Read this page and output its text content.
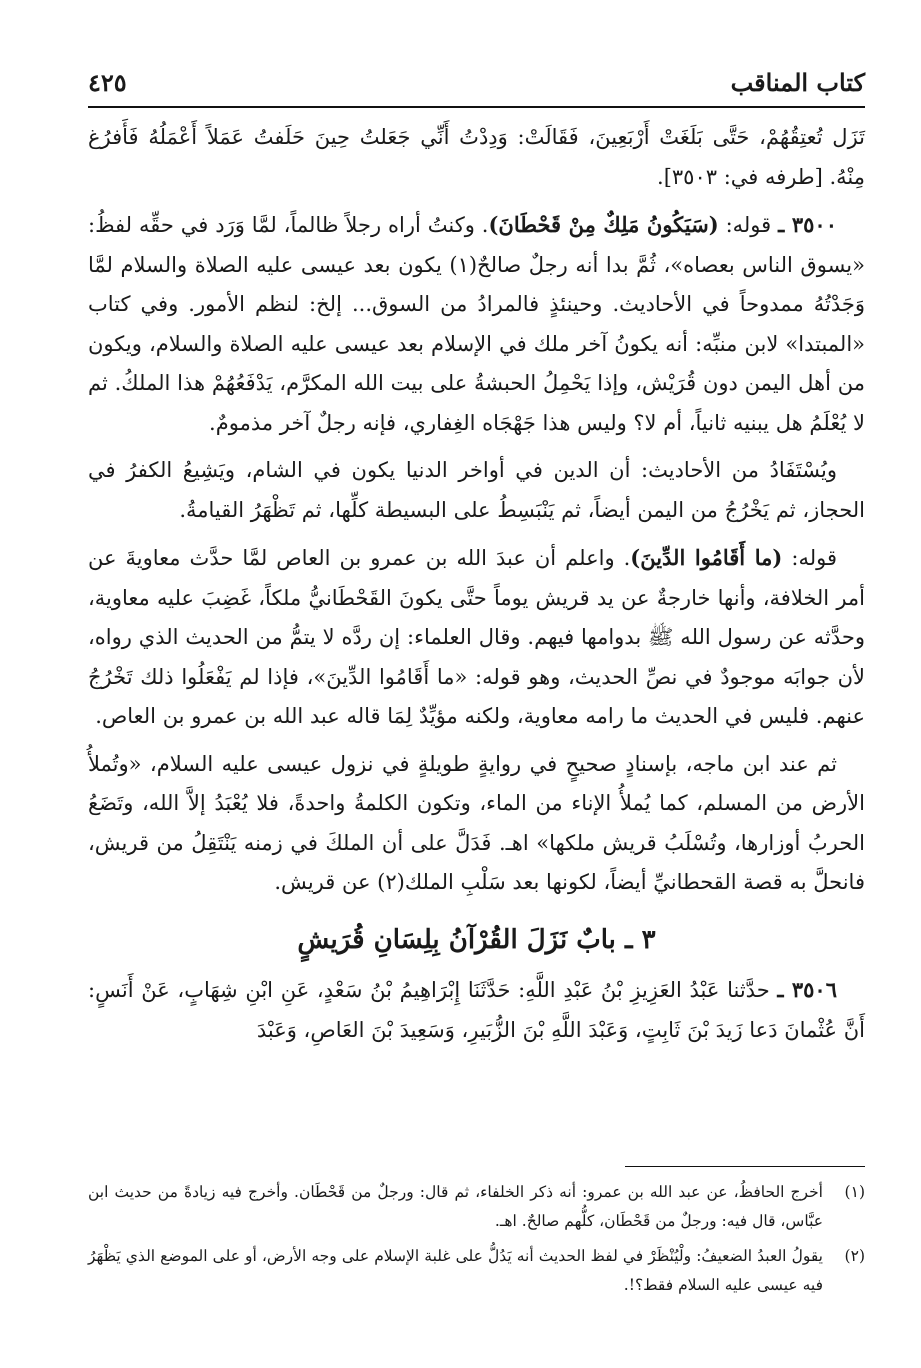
كتاب المناقب
٤٢٥

تَزَل تُعتِقُهُمْ، حَتَّى بَلَغَتْ أَرْبَعِينَ، فَقَالَتْ: وَدِدْتُ أَنِّي جَعَلتُ حِينَ حَلَفتُ عَمَلاً أَعْمَلُهُ فَأَفرُغ مِنْهُ. [طرفه في: ٣٥٠٣].

٣٥٠٠ ـ قوله: (سَيَكُونُ مَلِكٌ مِنْ قَحْطَانَ). وكنتُ أراه رجلاً ظالماً، لمَّا وَرَد في حقِّه لفظُ: «يسوق الناس بعصاه»، ثُمَّ بدا أنه رجلٌ صالحٌ(١) يكون بعد عيسى عليه الصلاة والسلام لمَّا وَجَدْتُهُ ممدوحاً في الأحاديث. وحينئذٍ فالمرادُ من السوق... إلخ: لنظم الأمور. وفي كتاب «المبتدا» لابن منبِّه: أنه يكونُ آخر ملك في الإسلام بعد عيسى عليه الصلاة والسلام، ويكون من أهل اليمن دون قُرَيْش، وإذا يَحْمِلُ الحبشةُ على بيت الله المكرَّم، يَدْفَعُهُمْ هذا الملكُ. ثم لا يُعْلَمُ هل يبنيه ثانياً، أم لا؟ وليس هذا جَهْجَاه الغِفاري، فإنه رجلٌ آخر مذمومٌ.

ويُسْتَفَادُ من الأحاديث: أن الدين في أواخر الدنيا يكون في الشام، ويَشِيعُ الكفرُ في الحجاز، ثم يَخْرُجُ من اليمن أيضاً، ثم يَنْبَسِطُ على البسيطة كلِّها، ثم تَظْهَرُ القيامةُ.

قوله: (ما أَقَامُوا الدِّينَ). واعلم أن عبدَ الله بن عمرو بن العاص لمَّا حدَّث معاويةَ عن أمر الخلافة، وأنها خارجةٌ عن يد قريش يوماً حتَّى يكونَ القَحْطَانيُّ ملكاً، غَضِبَ عليه معاوية، وحدَّثه عن رسول الله ﷺ بدوامها فيهم. وقال العلماء: إن ردَّه لا يتمُّ من الحديث الذي رواه، لأن جوابَه موجودٌ في نصِّ الحديث، وهو قوله: «ما أَقَامُوا الدِّينَ»، فإذا لم يَفْعَلُوا ذلك تَخْرُجُ عنهم. فليس في الحديث ما رامه معاوية، ولكنه مؤيِّدٌ لِمَا قاله عبد الله بن عمرو بن العاص.

ثم عند ابن ماجه، بإسنادٍ صحيحٍ في روايةٍ طويلةٍ في نزول عيسى عليه السلام، «وتُملأُ الأرض من المسلم، كما يُملأُ الإناء من الماء، وتكون الكلمةُ واحدةً، فلا يُعْبَدُ إلاَّ الله، وتَضَعُ الحربُ أوزارها، وتُسْلَبُ قريش ملكها» اهـ. فَدَلَّ على أن الملكَ في زمنه يَنْتَقِلُ من قريش، فانحلَّ به قصة القحطانيِّ أيضاً، لكونها بعد سَلْبِ الملك(٢) عن قريش.

٣ ـ بابٌ نَزَلَ القُرْآنُ بِلِسَانِ قُرَيشٍ

٣٥٠٦ ـ حدَّثنا عَبْدُ العَزِيزِ بْنُ عَبْدِ اللَّهِ: حَدَّثَنَا إِبْرَاهِيمُ بْنُ سَعْدٍ، عَنِ ابْنِ شِهَابٍ، عَنْ أَنَسٍ: أَنَّ عُثْمانَ دَعا زَيدَ بْنَ ثَابِتٍ، وَعَبْدَ اللَّهِ بْنَ الزُّبَيرِ، وَسَعِيدَ بْنَ العَاصِ، وَعَبْدَ

(١)
أخرج الحافظُ، عن عبد الله بن عمرو: أنه ذكر الخلفاء، ثم قال: ورجلٌ من قَحْطَان. وأخرج فيه زيادةً من حديث ابن عبَّاس، قال فيه: ورجلٌ من قَحْطَان، كلُّهم صالحٌ. اهـ.
(٢)
يقولُ العبدُ الضعيفُ: ولْيُنْظَرْ في لفظ الحديث أنه يَدُلُّ على غلبة الإسلام على وجه الأرض، أو على الموضع الذي يَظْهَرُ فيه عيسى عليه السلام فقط؟!.
